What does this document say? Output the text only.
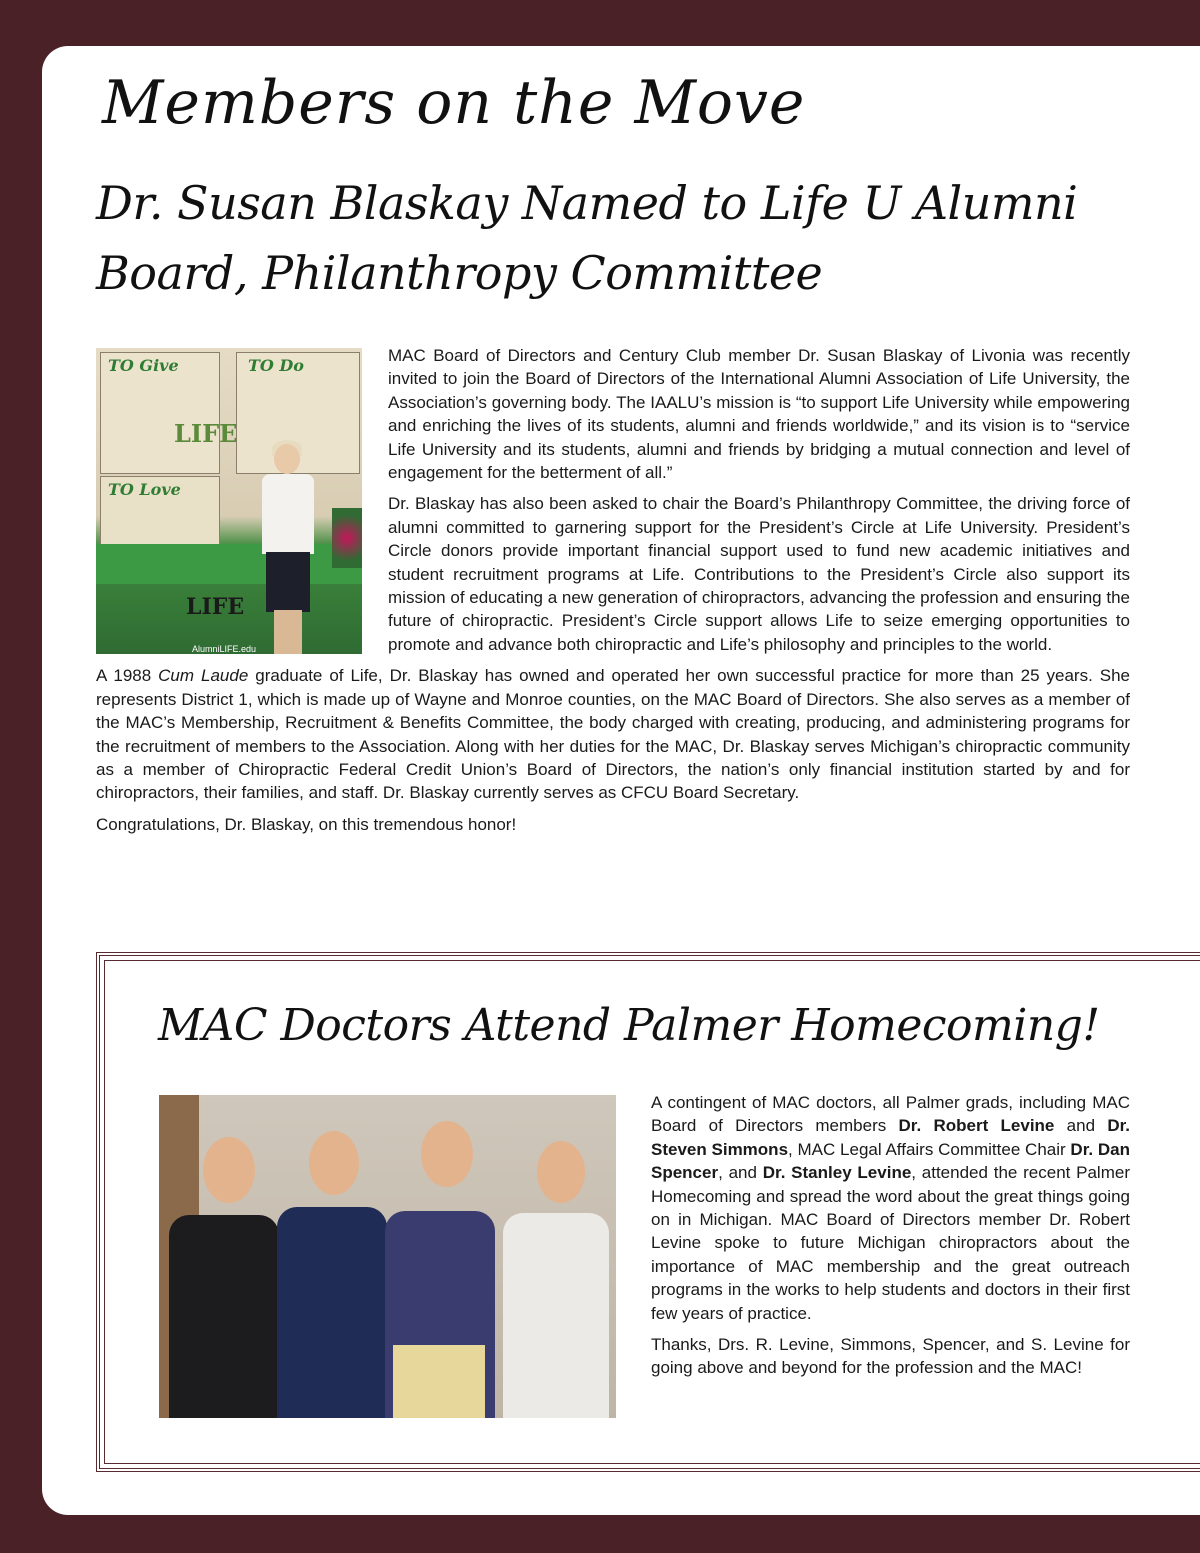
Members on the Move
Dr. Susan Blaskay Named to Life U Alumni Board, Philanthropy Committee
TO Give	TO Do
TO Love
LIFE
LIFE
AlumniLIFE.edu

MAC Board of Directors and Century Club member Dr. Susan Blaskay of Livonia was recently invited to join the Board of Directors of the International Alumni Association of Life University, the Association’s governing body. The IAALU’s mission is “to support Life University while empowering and enriching the lives of its students, alumni and friends worldwide,” and its vision is to “service Life University and its students, alumni and friends by bridging a mutual connection and level of engagement for the betterment of all.”

Dr. Blaskay has also been asked to chair the Board’s Philanthropy Committee, the driving force of alumni committed to garnering support for the President’s Circle at Life University. President’s Circle donors provide important financial support used to fund new academic initiatives and student recruitment programs at Life. Contributions to the President’s Circle also support its mission of educating a new generation of chiropractors, advancing the profession and ensuring the future of chiropractic. President’s Circle support allows Life to seize emerging opportunities to promote and advance both chiropractic and Life’s philosophy and principles to the world.

A 1988 Cum Laude graduate of Life, Dr. Blaskay has owned and operated her own successful practice for more than 25 years. She represents District 1, which is made up of Wayne and Monroe counties, on the MAC Board of Directors. She also serves as a member of the MAC’s Membership, Recruitment & Benefits Committee, the body charged with creating, producing, and administering programs for the recruitment of members to the Association. Along with her duties for the MAC, Dr. Blaskay serves Michigan’s chiropractic community as a member of Chiropractic Federal Credit Union’s Board of Directors, the nation’s only financial institution started by and for chiropractors, their families, and staff. Dr. Blaskay currently serves as CFCU Board Secretary.

Congratulations, Dr. Blaskay, on this tremendous honor!

MAC Doctors Attend Palmer Homecoming!

A contingent of MAC doctors, all Palmer grads, including MAC Board of Directors members Dr. Robert Levine and Dr. Steven Simmons, MAC Legal Affairs Committee Chair Dr. Dan Spencer, and Dr. Stanley Levine, attended the recent Palmer Homecoming and spread the word about the great things going on in Michigan. MAC Board of Directors member Dr. Robert Levine spoke to future Michigan chiropractors about the importance of MAC membership and the great outreach programs in the works to help students and doctors in their first few years of practice.

Thanks, Drs. R. Levine, Simmons, Spencer, and S. Levine for going above and beyond for the profession and the MAC!
